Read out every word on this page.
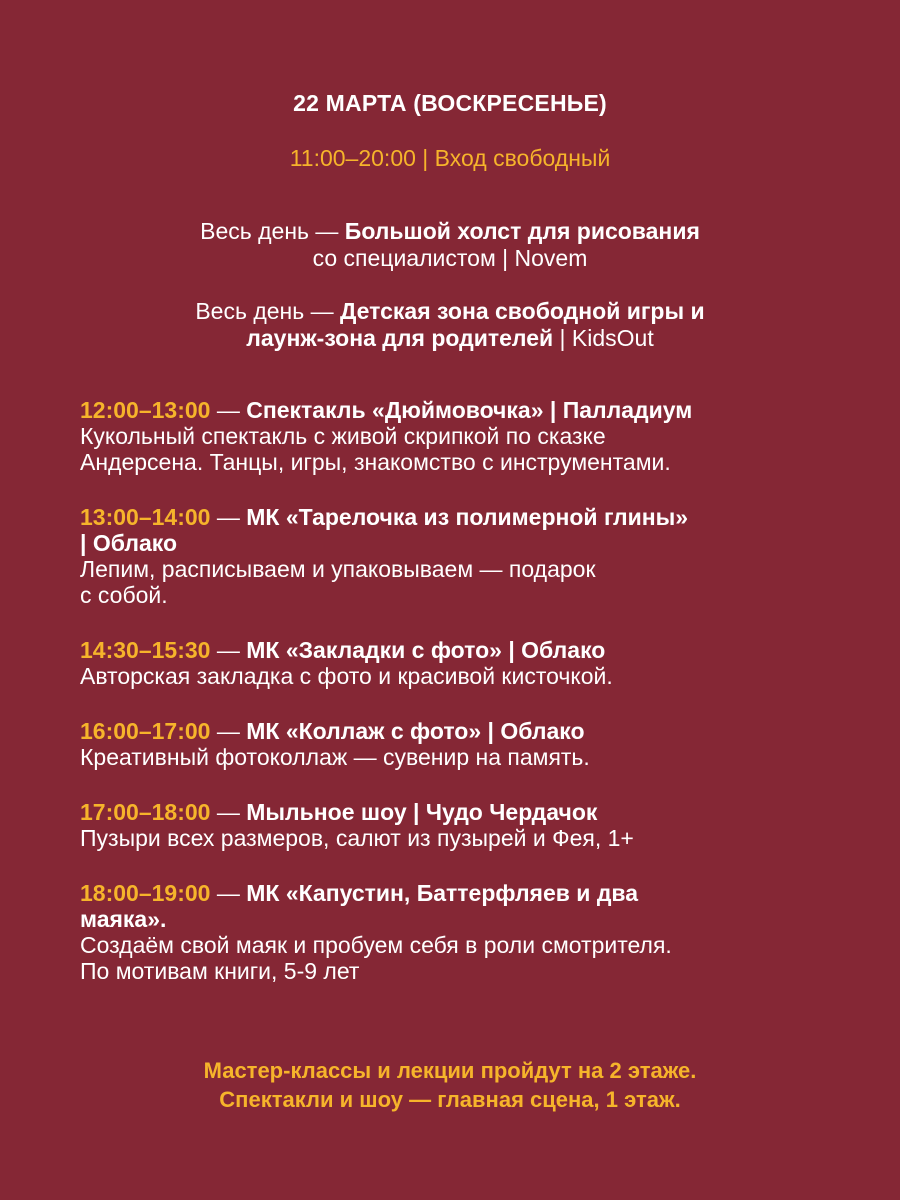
22 МАРТА (ВОСКРЕСЕНЬЕ)
11:00–20:00 | Вход свободный
Весь день — Большой холст для рисования
со специалистом | Novem
Весь день — Детская зона свободной игры и
лаунж-зона для родителей | KidsOut
12:00–13:00 — Спектакль «Дюймовочка» | Палладиум
Кукольный спектакль с живой скрипкой по сказке
Андерсена. Танцы, игры, знакомство с инструментами.
13:00–14:00 — МК «Тарелочка из полимерной глины»
| Облако
Лепим, расписываем и упаковываем — подарок
с собой.
14:30–15:30 — МК «Закладки с фото» | Облако
Авторская закладка с фото и красивой кисточкой.
16:00–17:00 — МК «Коллаж с фото» | Облако
Креативный фотоколлаж — сувенир на память.
17:00–18:00 — Мыльное шоу | Чудо Чердачок
Пузыри всех размеров, салют из пузырей и Фея, 1+
18:00–19:00 — МК «Капустин, Баттерфляев и два
маяка».
Создаём свой маяк и пробуем себя в роли смотрителя.
По мотивам книги, 5-9 лет
Мастер-классы и лекции пройдут на 2 этаже.
Спектакли и шоу — главная сцена, 1 этаж.
